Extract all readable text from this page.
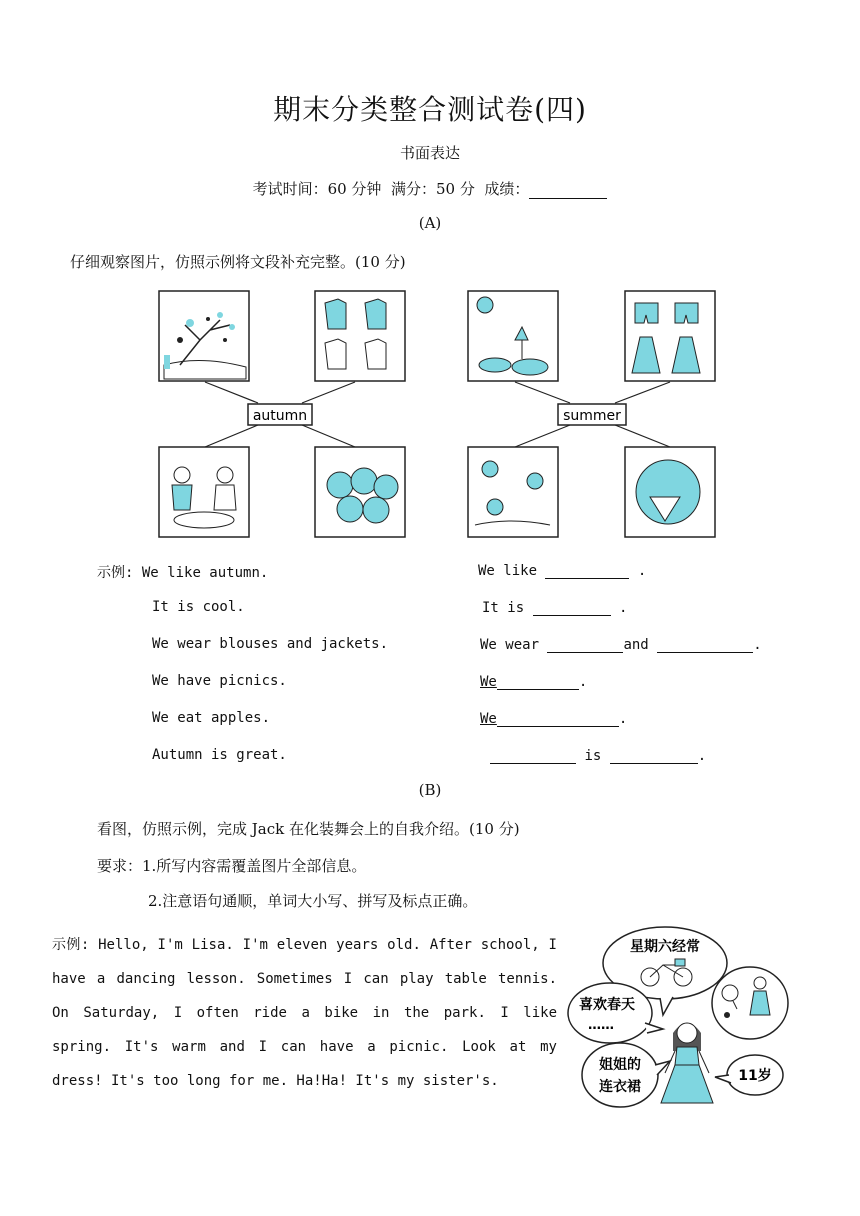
期末分类整合测试卷(四)
书面表达
考试时间：60 分钟 满分：50 分 成绩：
(A)
仔细观察图片，仿照示例将文段补充完整。(10 分)
autumn	summer
示例: We like autumn.
It is cool.
We wear blouses and jackets.
We have picnics.
We eat apples.
Autumn is great.
We like	.
It is	.
We wear	and	.
We	.
We	.
is	.
(B)
看图，仿照示例，完成 Jack 在化装舞会上的自我介绍。(10 分)
要求：1.所写内容需覆盖图片全部信息。
2.注意语句通顺，单词大小写、拼写及标点正确。
示例: Hello, I'm Lisa. I'm eleven years old. After school, I have a dancing lesson. Sometimes I can play table tennis. On Saturday, I often ride a bike in the park. I like spring. It's warm and I can have a picnic. Look at my dress! It's too long for me. Ha!Ha! It's my sister's.
星期六经常
喜欢春天
……
姐姐的
连衣裙
11岁
